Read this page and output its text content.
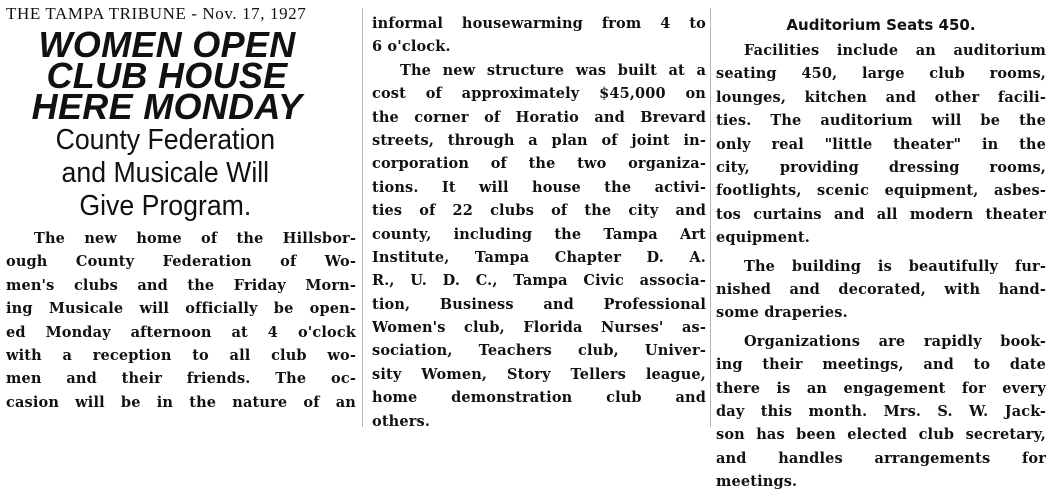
THE TAMPA TRIBUNE - Nov. 17, 1927
WOMEN OPEN
CLUB HOUSE
HERE MONDAY
County Federation
and Musicale Will
Give Program.
The new home of the Hillsbor-
ough County Federation of Wo-
men's clubs and the Friday Morn-
ing Musicale will officially be open-
ed Monday afternoon at 4 o'clock
with a reception to all club wo-
men and their friends. The oc-
casion will be in the nature of an
informal housewarming from 4 to
6 o'clock.
The new structure was built at a
cost of approximately $45,000 on
the corner of Horatio and Brevard
streets, through a plan of joint in-
corporation of the two organiza-
tions. It will house the activi-
ties of 22 clubs of the city and
county, including the Tampa Art
Institute, Tampa Chapter D. A.
R., U. D. C., Tampa Civic associa-
tion, Business and Professional
Women's club, Florida Nurses' as-
sociation, Teachers club, Univer-
sity Women, Story Tellers league,
home demonstration club and
others.
Auditorium Seats 450.
Facilities include an auditorium
seating 450, large club rooms,
lounges, kitchen and other facili-
ties. The auditorium will be the
only real "little theater" in the
city, providing dressing rooms,
footlights, scenic equipment, asbes-
tos curtains and all modern theater
equipment.
The building is beautifully fur-
nished and decorated, with hand-
some draperies.
Organizations are rapidly book-
ing their meetings, and to date
there is an engagement for every
day this month. Mrs. S. W. Jack-
son has been elected club secretary,
and handles arrangements for
meetings.
